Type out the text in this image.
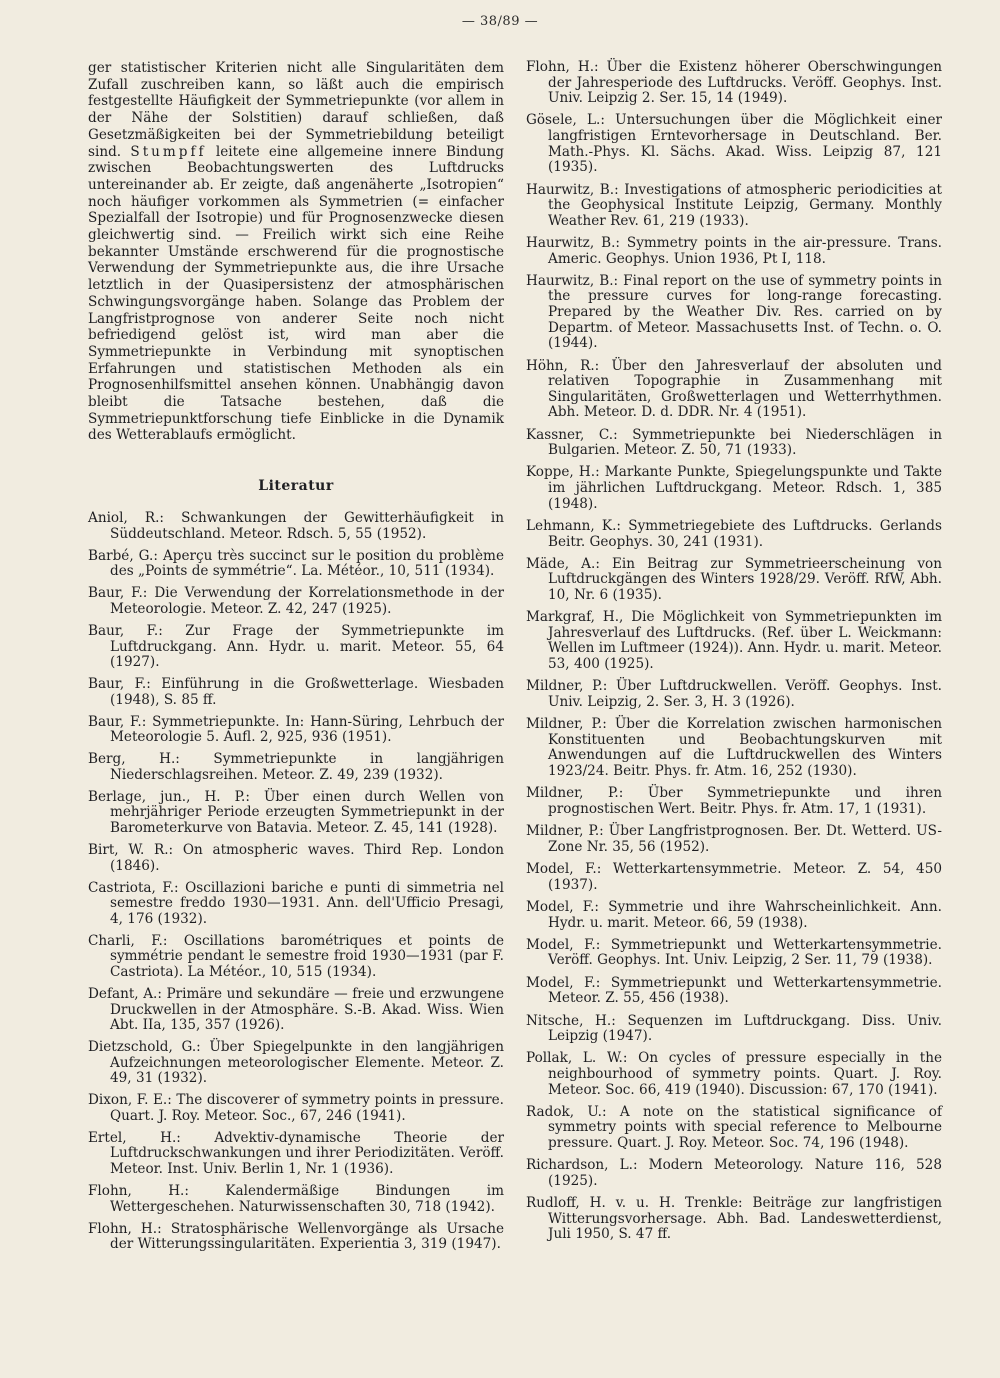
— 38/89 —

ger statistischer Kriterien nicht alle Singularitäten dem Zufall zuschreiben kann, so läßt auch die empirisch festgestellte Häufigkeit der Symmetriepunkte (vor allem in der Nähe der Solstitien) darauf schließen, daß Gesetzmäßigkeiten bei der Symmetriebildung beteiligt sind. Stumpff leitete eine allgemeine innere Bindung zwischen Beobachtungswerten des Luftdrucks untereinander ab. Er zeigte, daß angenäherte „Isotropien“ noch häufiger vorkommen als Symmetrien (= einfacher Spezialfall der Isotropie) und für Prognosenzwecke diesen gleichwertig sind. — Freilich wirkt sich eine Reihe bekannter Umstände erschwerend für die prognostische Verwendung der Symmetriepunkte aus, die ihre Ursache letztlich in der Quasipersistenz der atmosphärischen Schwingungsvorgänge haben. Solange das Problem der Langfristprognose von anderer Seite noch nicht befriedigend gelöst ist, wird man aber die Symmetriepunkte in Verbindung mit synoptischen Erfahrungen und statistischen Methoden als ein Prognosenhilfsmittel ansehen können. Unabhängig davon bleibt die Tatsache bestehen, daß die Symmetriepunktforschung tiefe Einblicke in die Dynamik des Wetterablaufs ermöglicht.

Literatur
Aniol, R.: Schwankungen der Gewitterhäufigkeit in Süddeutschland. Meteor. Rdsch. 5, 55 (1952).
Barbé, G.: Aperçu très succinct sur le position du problème des „Points de symmétrie“. La. Météor., 10, 511 (1934).
Baur, F.: Die Verwendung der Korrelationsmethode in der Meteorologie. Meteor. Z. 42, 247 (1925).
Baur, F.: Zur Frage der Symmetriepunkte im Luftdruckgang. Ann. Hydr. u. marit. Meteor. 55, 64 (1927).
Baur, F.: Einführung in die Großwetterlage. Wiesbaden (1948), S. 85 ff.
Baur, F.: Symmetriepunkte. In: Hann-Süring, Lehrbuch der Meteorologie 5. Aufl. 2, 925, 936 (1951).
Berg, H.: Symmetriepunkte in langjährigen Niederschlagsreihen. Meteor. Z. 49, 239 (1932).
Berlage, jun., H. P.: Über einen durch Wellen von mehrjähriger Periode erzeugten Symmetriepunkt in der Barometerkurve von Batavia. Meteor. Z. 45, 141 (1928).
Birt, W. R.: On atmospheric waves. Third Rep. London (1846).
Castriota, F.: Oscillazioni bariche e punti di simmetria nel semestre freddo 1930—1931. Ann. dell'Ufficio Presagi, 4, 176 (1932).
Charli, F.: Oscillations barométriques et points de symmétrie pendant le semestre froid 1930—1931 (par F. Castriota). La Météor., 10, 515 (1934).
Defant, A.: Primäre und sekundäre — freie und erzwungene Druckwellen in der Atmosphäre. S.-B. Akad. Wiss. Wien Abt. IIa, 135, 357 (1926).
Dietzschold, G.: Über Spiegelpunkte in den langjährigen Aufzeichnungen meteorologischer Elemente. Meteor. Z. 49, 31 (1932).
Dixon, F. E.: The discoverer of symmetry points in pressure. Quart. J. Roy. Meteor. Soc., 67, 246 (1941).
Ertel, H.: Advektiv-dynamische Theorie der Luftdruckschwankungen und ihrer Periodizitäten. Veröff. Meteor. Inst. Univ. Berlin 1, Nr. 1 (1936).
Flohn, H.: Kalendermäßige Bindungen im Wettergeschehen. Naturwissenschaften 30, 718 (1942).
Flohn, H.: Stratosphärische Wellenvorgänge als Ursache der Witterungssingularitäten. Experientia 3, 319 (1947).
Flohn, H.: Über die Existenz höherer Oberschwingungen der Jahresperiode des Luftdrucks. Veröff. Geophys. Inst. Univ. Leipzig 2. Ser. 15, 14 (1949).
Gösele, L.: Untersuchungen über die Möglichkeit einer langfristigen Erntevorhersage in Deutschland. Ber. Math.-Phys. Kl. Sächs. Akad. Wiss. Leipzig 87, 121 (1935).
Haurwitz, B.: Investigations of atmospheric periodicities at the Geophysical Institute Leipzig, Germany. Monthly Weather Rev. 61, 219 (1933).
Haurwitz, B.: Symmetry points in the air-pressure. Trans. Americ. Geophys. Union 1936, Pt I, 118.
Haurwitz, B.: Final report on the use of symmetry points in the pressure curves for long-range forecasting. Prepared by the Weather Div. Res. carried on by Departm. of Meteor. Massachusetts Inst. of Techn. o. O. (1944).
Höhn, R.: Über den Jahresverlauf der absoluten und relativen Topographie in Zusammenhang mit Singularitäten, Großwetterlagen und Wetterrhythmen. Abh. Meteor. D. d. DDR. Nr. 4 (1951).
Kassner, C.: Symmetriepunkte bei Niederschlägen in Bulgarien. Meteor. Z. 50, 71 (1933).
Koppe, H.: Markante Punkte, Spiegelungspunkte und Takte im jährlichen Luftdruckgang. Meteor. Rdsch. 1, 385 (1948).
Lehmann, K.: Symmetriegebiete des Luftdrucks. Gerlands Beitr. Geophys. 30, 241 (1931).
Mäde, A.: Ein Beitrag zur Symmetrieerscheinung von Luftdruckgängen des Winters 1928/29. Veröff. RfW, Abh. 10, Nr. 6 (1935).
Markgraf, H., Die Möglichkeit von Symmetriepunkten im Jahresverlauf des Luftdrucks. (Ref. über L. Weickmann: Wellen im Luftmeer (1924)). Ann. Hydr. u. marit. Meteor. 53, 400 (1925).
Mildner, P.: Über Luftdruckwellen. Veröff. Geophys. Inst. Univ. Leipzig, 2. Ser. 3, H. 3 (1926).
Mildner, P.: Über die Korrelation zwischen harmonischen Konstituenten und Beobachtungskurven mit Anwendungen auf die Luftdruckwellen des Winters 1923/24. Beitr. Phys. fr. Atm. 16, 252 (1930).
Mildner, P.: Über Symmetriepunkte und ihren prognostischen Wert. Beitr. Phys. fr. Atm. 17, 1 (1931).
Mildner, P.: Über Langfristprognosen. Ber. Dt. Wetterd. US-Zone Nr. 35, 56 (1952).
Model, F.: Wetterkartensymmetrie. Meteor. Z. 54, 450 (1937).
Model, F.: Symmetrie und ihre Wahrscheinlichkeit. Ann. Hydr. u. marit. Meteor. 66, 59 (1938).
Model, F.: Symmetriepunkt und Wetterkartensymmetrie. Veröff. Geophys. Int. Univ. Leipzig, 2 Ser. 11, 79 (1938).
Model, F.: Symmetriepunkt und Wetterkartensymmetrie. Meteor. Z. 55, 456 (1938).
Nitsche, H.: Sequenzen im Luftdruckgang. Diss. Univ. Leipzig (1947).
Pollak, L. W.: On cycles of pressure especially in the neighbourhood of symmetry points. Quart. J. Roy. Meteor. Soc. 66, 419 (1940). Discussion: 67, 170 (1941).
Radok, U.: A note on the statistical significance of symmetry points with special reference to Melbourne pressure. Quart. J. Roy. Meteor. Soc. 74, 196 (1948).
Richardson, L.: Modern Meteorology. Nature 116, 528 (1925).
Rudloff, H. v. u. H. Trenkle: Beiträge zur langfristigen Witterungsvorhersage. Abh. Bad. Landeswetterdienst, Juli 1950, S. 47 ff.
